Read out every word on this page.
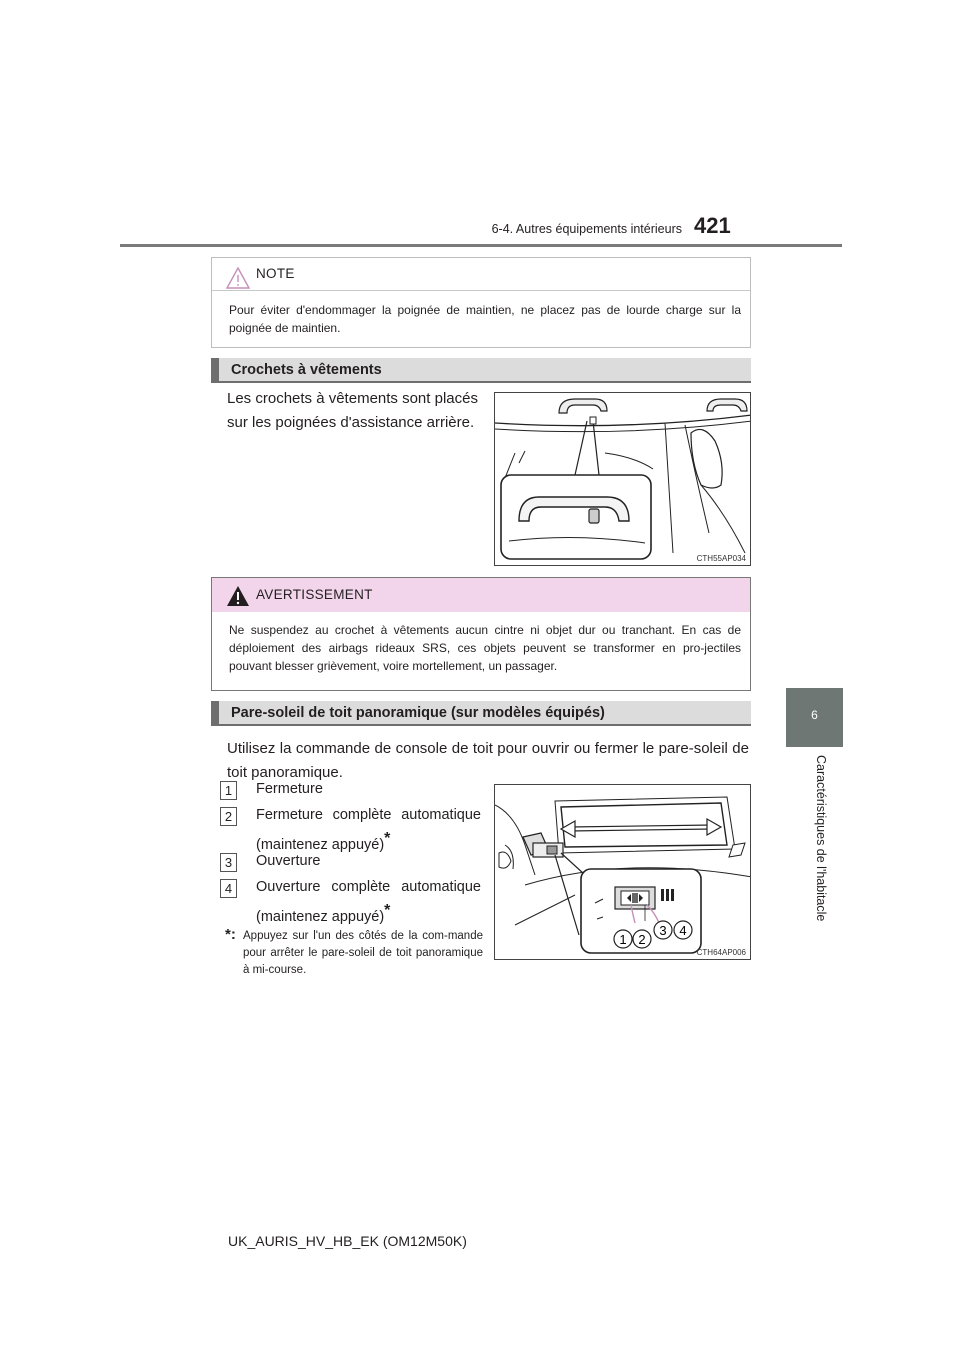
6-4. Autres équipements intérieurs 421
6
Caractéristiques de l'habitacle
NOTE
Pour éviter d'endommager la poignée de maintien, ne placez pas de lourde charge sur la poignée de maintien.
Crochets à vêtements
Les crochets à vêtements sont placés sur les poignées d'assistance arrière.
CTH55AP034
AVERTISSEMENT
Ne suspendez au crochet à vêtements aucun cintre ni objet dur ou tranchant. En cas de déploiement des airbags rideaux SRS, ces objets peuvent se transformer en pro-jectiles pouvant blesser grièvement, voire mortellement, un passager.
Pare-soleil de toit panoramique (sur modèles équipés)
Utilisez la commande de console de toit pour ouvrir ou fermer le pare-soleil de toit panoramique.
1	Fermeture
2	Fermeture complète automatique (maintenez appuyé)*
3	Ouverture
4	Ouverture complète automatique (maintenez appuyé)*
*: Appuyez sur l'un des côtés de la com-mande pour arrêter le pare-soleil de toit panoramique à mi-course.
1 2
3 4
CTH64AP006
UK_AURIS_HV_HB_EK (OM12M50K)
